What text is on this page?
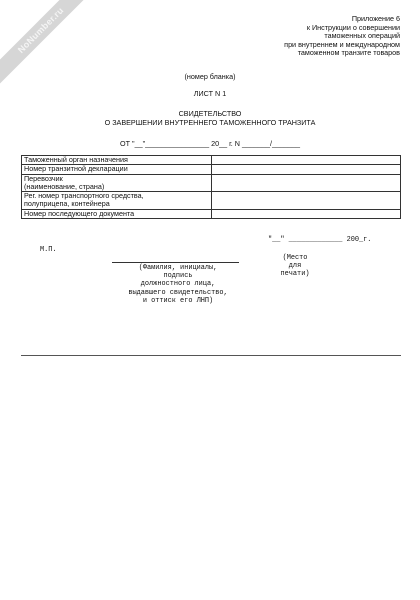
NoNumber.ru	Приложение 6
к Инструкции о совершении
таможенных операций
при внутреннем и международном
таможенном транзите товаров
(номер бланка)
ЛИСТ N 1
СВИДЕТЕЛЬСТВО
О ЗАВЕРШЕНИИ ВНУТРЕННЕГО ТАМОЖЕННОГО ТРАНЗИТА
ОТ "__"________________ 20__ г. N _______/_______
Таможенный орган назначения	

Номер транзитной декларации	

Перевозчик
(наименование, страна)	

Рег. номер транспортного средства,
полуприцепа, контейнера	

Номер последующего документа	

"__" _____________ 200_г.
М.П.
(Фамилия, инициалы,
подпись
должностного лица,
выдавшего свидетельство,
и оттиск его ЛНП)
(Место
для
печати)
